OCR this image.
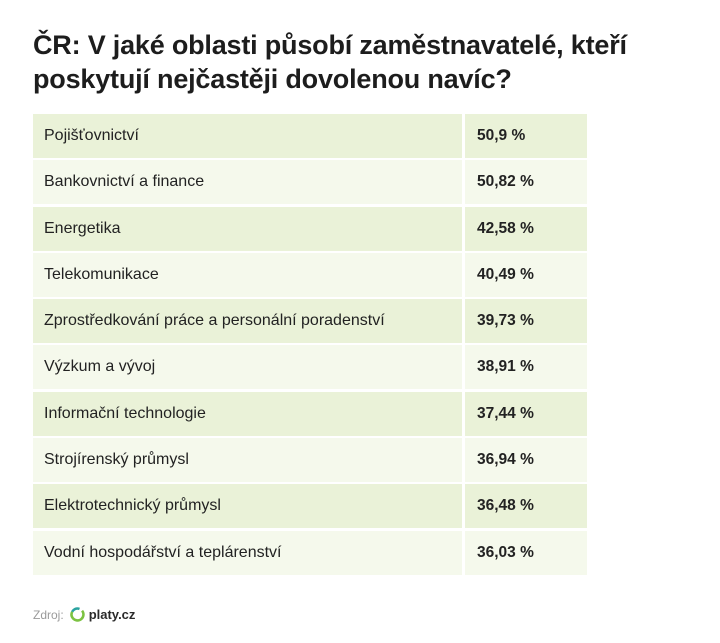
ČR: V jaké oblasti působí zaměstnavatelé, kteří poskytují nejčastěji dovolenou navíc?
Pojišťovnictví	50,9 %
Bankovnictví a finance	50,82 %
Energetika	42,58 %
Telekomunikace	40,49 %
Zprostředkování práce a personální poradenství	39,73 %
Výzkum a vývoj	38,91 %
Informační technologie	37,44 %
Strojírenský průmysl	36,94 %
Elektrotechnický průmysl	36,48 %
Vodní hospodářství a teplárenství	36,03 %
Zdroj: platy.cz
